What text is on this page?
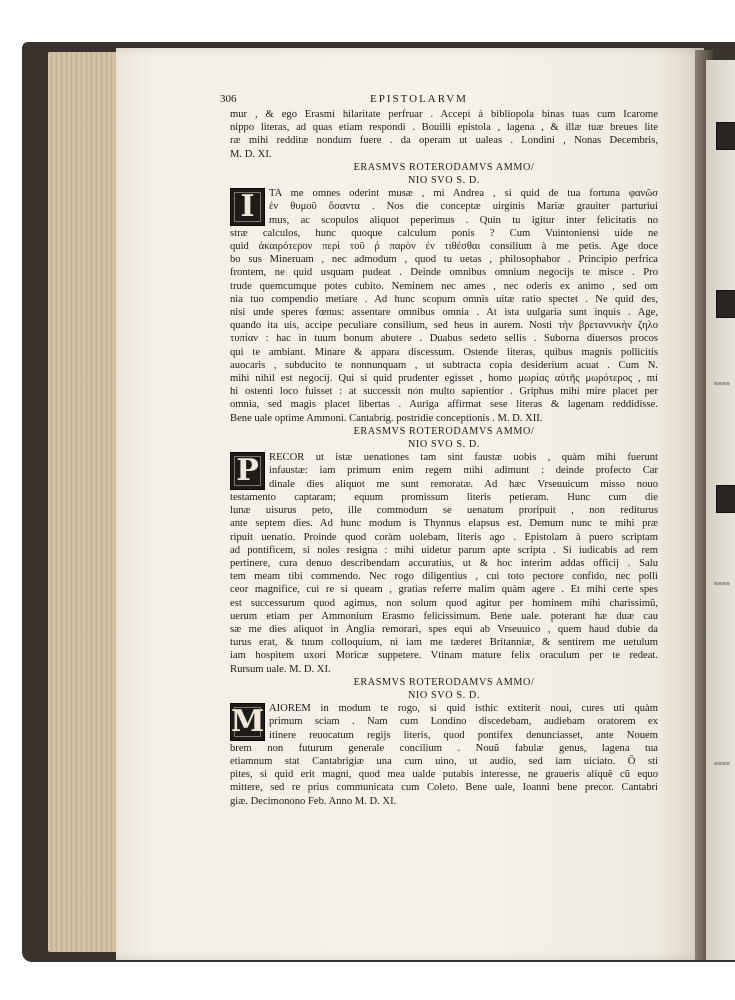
≡≡≡≡
≡≡≡≡
≡≡≡≡
306	EPISTOLARVM
mur , & ego Erasmi hilaritate perfruar . Accepi à bibliopola binas tuas cum Icarome
nippo literas, ad quas etiam respondi . Bouilli epistola , lagena , & illæ tuæ breues lite
ræ mihi redditæ nondum fuere . da operam ut ualeas . Londini , Nonas Decembris,
M. D. XI.
ERASMVS ROTERODAMVS AMMO/
NIO SVO S. D.
I	TA me omnes oderint musæ , mi Andrea , si quid de tua fortuna φανῶσ
ἐν θυμοῦ ὄσαντα . Nos die conceptæ uirginis Mariæ grauiter parturiui
mus, ac scopulos aliquot peperimus . Quin tu igitur inter felicitatis no
stræ calculos, hunc quoque calculum ponis ? Cum Vuintoniensi uide ne
quid ἀκαιρότερον περὶ τοῦ ῥ παρὸν ἐν τιθέσθαι consilium à me petis. Age doce
bo sus Mineruam , nec admodum , quod tu uetas , philosophabor . Principio perfrica
frontem, ne quid usquam pudeat . Deinde omnibus omnium negocijs te misce . Pro
trude quemcumque potes cubito. Neminem nec ames , nec oderis ex animo , sed om
nia tuo compendio metiare . Ad hunc scopum omnis uitæ ratio spectet . Ne quid des,
nisi unde speres fœnus: assentare omnibus omnia . At ista uulgaria sunt inquis . Age,
quando ita uis, accipe peculiare consilium, sed heus in aurem. Nosti τὴν βρεταννικὴν ζηλο
τυπίαν : hac in tuum bonum abutere . Duabus sedeto sellis . Suborna diuersos procos
qui te ambiant. Minare & appara discessum. Ostende literas, quibus magnis pollicitis
auocaris , subducito te nonnunquam , ut subtracta copia desiderium acuat . Cum N.
mihi nihil est negocij. Qui si quid prudenter egisset , homo μωρίας αὐτῆς μωρότερος , mi
hi ostenti loco fuisset : at successit non multo sapientior . Griphus mihi mire placet per
omnia, sed magis placet libertas . Auriga affirmat sese literas & lagenam reddidisse.
Bene uale optime Ammoni. Cantabrig. postridie conceptionis . M. D. XII.
ERASMVS ROTERODAMVS AMMO/
NIO SVO S. D.
P RECOR ut istæ uenationes tam sint faustæ uobis , quàm mihi fuerunt
infaustæ: iam primum enim regem mihi adimunt : deinde profecto Car
dinale dies aliquot me sunt remoratæ. Ad hæc Vrseuuicum misso nouo
testamento captaram; equum promissum literis petieram. Hunc cum die
lunæ uisurus peto, ille commodum se uenatum proripuit , non rediturus
ante septem dies. Ad hunc modum is Thynnus elapsus est. Demum nunc te mihi præ
ripuit uenatio. Proinde quod coràm uolebam, literis ago . Epistolam à puero scriptam
ad pontificem, si noles resigna : mihi uidetur parum apte scripta . Si iudicabis ad rem
pertinere, cura denuo describendam accuratius, ut & hoc interim addas officij . Salu
tem meam tibi commendo. Nec rogo diligentius , cui toto pectore confido, nec polli
ceor magnifice, cui re si queam , gratias referre malim quàm agere . Et mihi certe spes
est successurum quod agimus, non solum quod agitur per hominem mihi charissimũ,
uerum etiam per Ammonium Erasmo felicissimum. Bene uale. poterant hæ duæ cau
sæ me dies aliquot in Anglia remorari, spes equi ab Vrseuuico , quem haud dubie da
turus erat, & tuum colloquium, ni iam me tæderet Britanniæ, & sentirem me uetulum
iam hospitem uxori Moricæ suppetere. Vtinam mature felix oraculum per te redeat.
Rursum uale. M. D. XI.
ERASMVS ROTERODAMVS AMMO/
NIO SVO S. D.
M AIOREM in modum te rogo, si quid isthic extiterit noui, cures uti quàm
primum sciam . Nam cum Londino discedebam, audiebam oratorem ex
itinere reuocatum regijs literis, quod pontifex denunciasset, ante Nouem
brem non futurum generale concilium . Nouũ fabulæ genus, lagena tua
etiamnum stat Cantabrigiæ una cum uino, ut audio, sed iam uiciato. Ô sti
pites, si quid erit magni, quod mea ualde putabis interesse, ne graueris aliquẽ cũ equo
mittere, sed re prius communicata cum Coleto. Bene uale, Ioanni bene precor. Cantabri
giæ. Decimonono Feb. Anno M. D. XI.
